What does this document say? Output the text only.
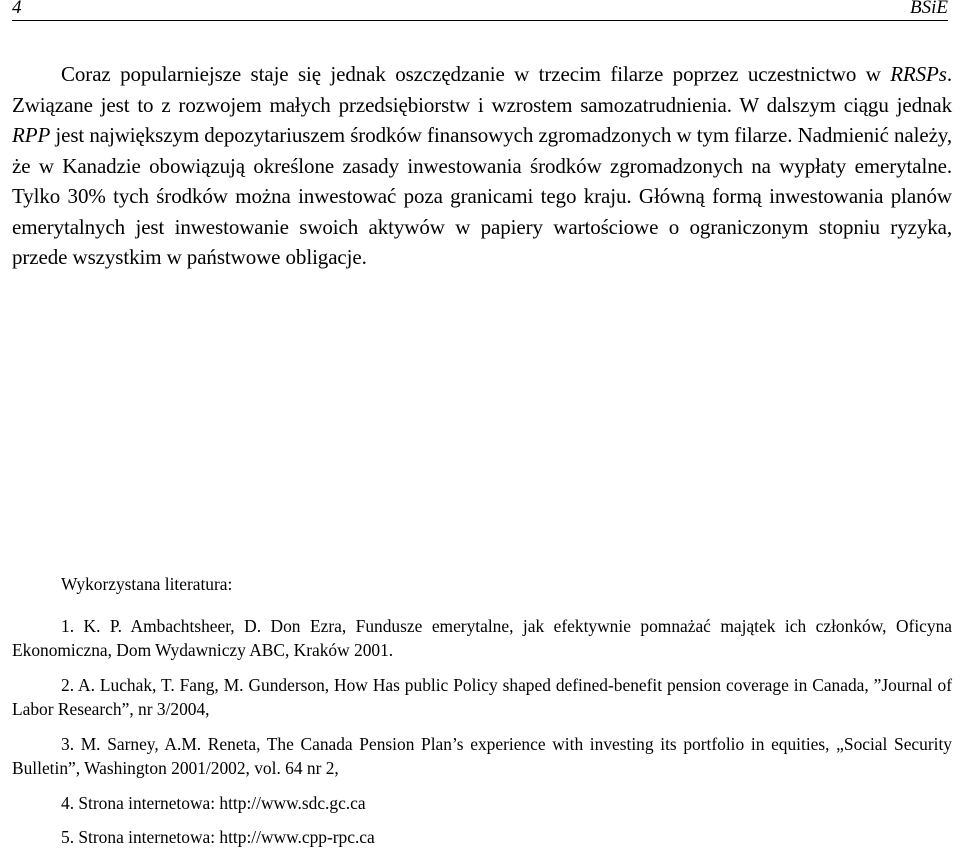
4	BSiE

Coraz popularniejsze staje się jednak oszczędzanie w trzecim filarze poprzez uczestnictwo w RRSPs. Związane jest to z rozwojem małych przedsiębiorstw i wzrostem samozatrudnienia. W dalszym ciągu jednak RPP jest największym depozytariuszem środków finansowych zgromadzonych w tym filarze. Nadmienić należy, że w Kanadzie obowiązują określone zasady inwestowania środków zgromadzonych na wypłaty emerytalne. Tylko 30% tych środków można inwestować poza granicami tego kraju. Główną formą inwestowania planów emerytalnych jest inwestowanie swoich aktywów w papiery wartościowe o ograniczonym stopniu ryzyka, przede wszystkim w państwowe obligacje.

Wykorzystana literatura:

1. K. P. Ambachtsheer, D. Don Ezra, Fundusze emerytalne, jak efektywnie pomnażać majątek ich członków, Oficyna Ekonomiczna, Dom Wydawniczy ABC, Kraków 2001.

2. A. Luchak, T. Fang, M. Gunderson, How Has public Policy shaped defined-benefit pension coverage in Canada, ”Journal of Labor Research”, nr 3/2004,

3. M. Sarney, A.M. Reneta, The Canada Pension Plan’s experience with investing its portfolio in equities, „Social Security Bulletin”, Washington 2001/2002, vol. 64 nr 2,

4. Strona internetowa: http://www.sdc.gc.ca

5. Strona internetowa: http://www.cpp-rpc.ca
